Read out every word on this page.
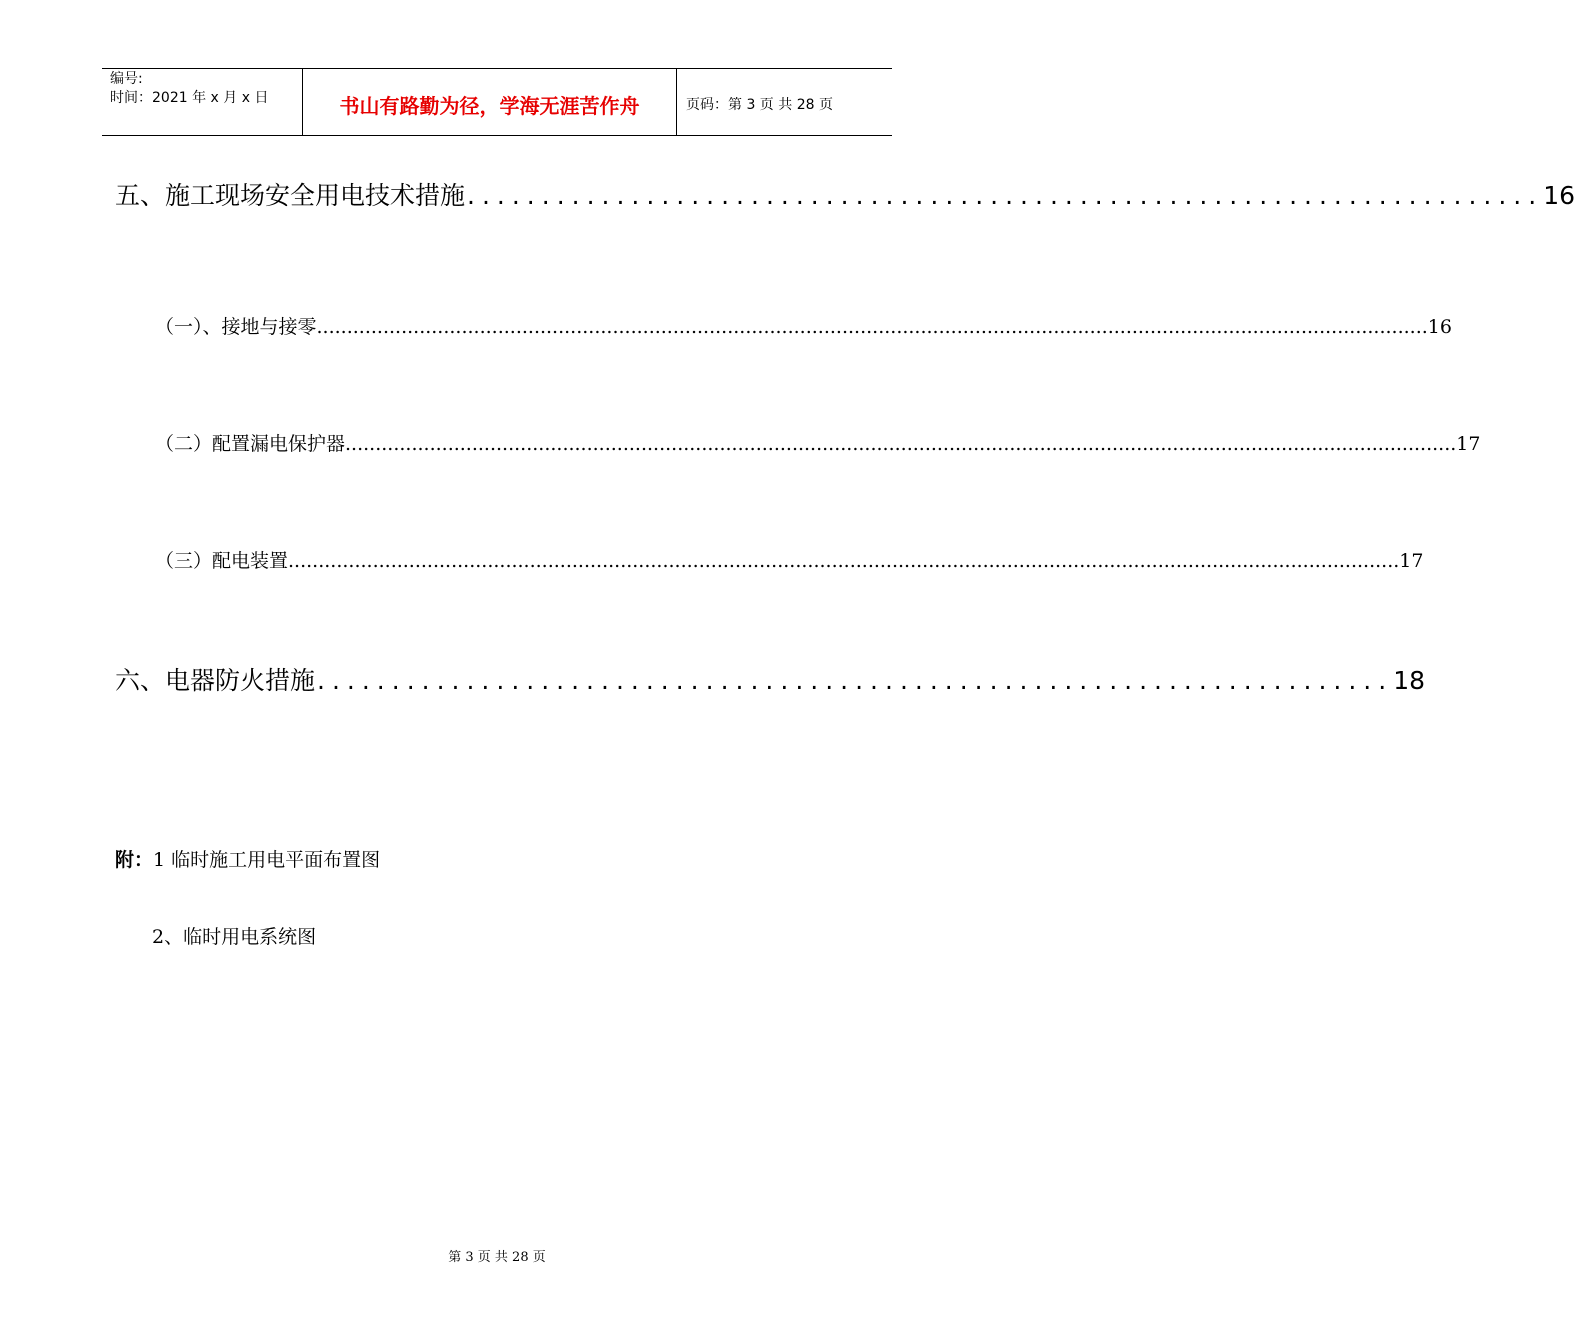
编号:
时间：2021 年 x 月 x 日	书山有路勤为径，学海无涯苦作舟	页码：第 3 页 共 28 页
五、施工现场安全用电技术措施 ........................................................................ 16
（一）、接地与接零 ........................................................................................................................................................................................ 16
（二）配置漏电保护器 ........................................................................................................................................................................................ 17
（三）配电装置 ........................................................................................................................................................................................ 17
六、电器防火措施 ........................................................................ 18
附：1 临时施工用电平面布置图
2、临时用电系统图
第 3 页 共 28 页
